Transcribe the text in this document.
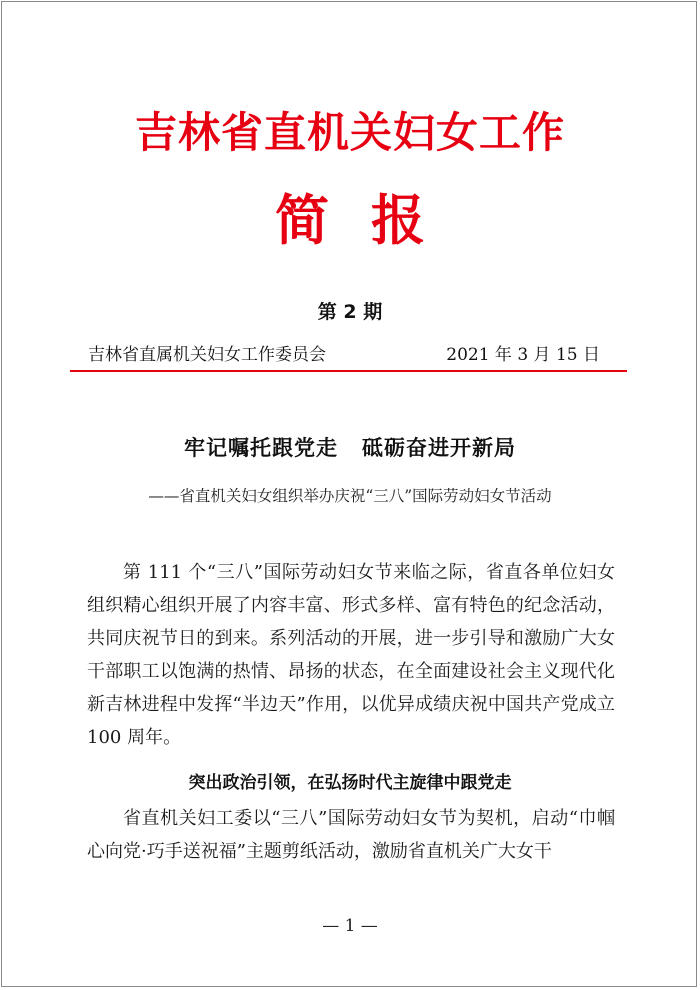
吉林省直机关妇女工作
简报
第 2 期
吉林省直属机关妇女工作委员会	2021 年 3 月 15 日
牢记嘱托跟党走 砥砺奋进开新局
——省直机关妇女组织举办庆祝“三八”国际劳动妇女节活动

第 111 个“三八”国际劳动妇女节来临之际，省直各单位妇女组织精心组织开展了内容丰富、形式多样、富有特色的纪念活动，共同庆祝节日的到来。系列活动的开展，进一步引导和激励广大女干部职工以饱满的热情、昂扬的状态，在全面建设社会主义现代化新吉林进程中发挥“半边天”作用，以优异成绩庆祝中国共产党成立 100 周年。

突出政治引领，在弘扬时代主旋律中跟党走

省直机关妇工委以“三八”国际劳动妇女节为契机，启动“巾帼心向党·巧手送祝福”主题剪纸活动，激励省直机关广大女干

— 1 —
